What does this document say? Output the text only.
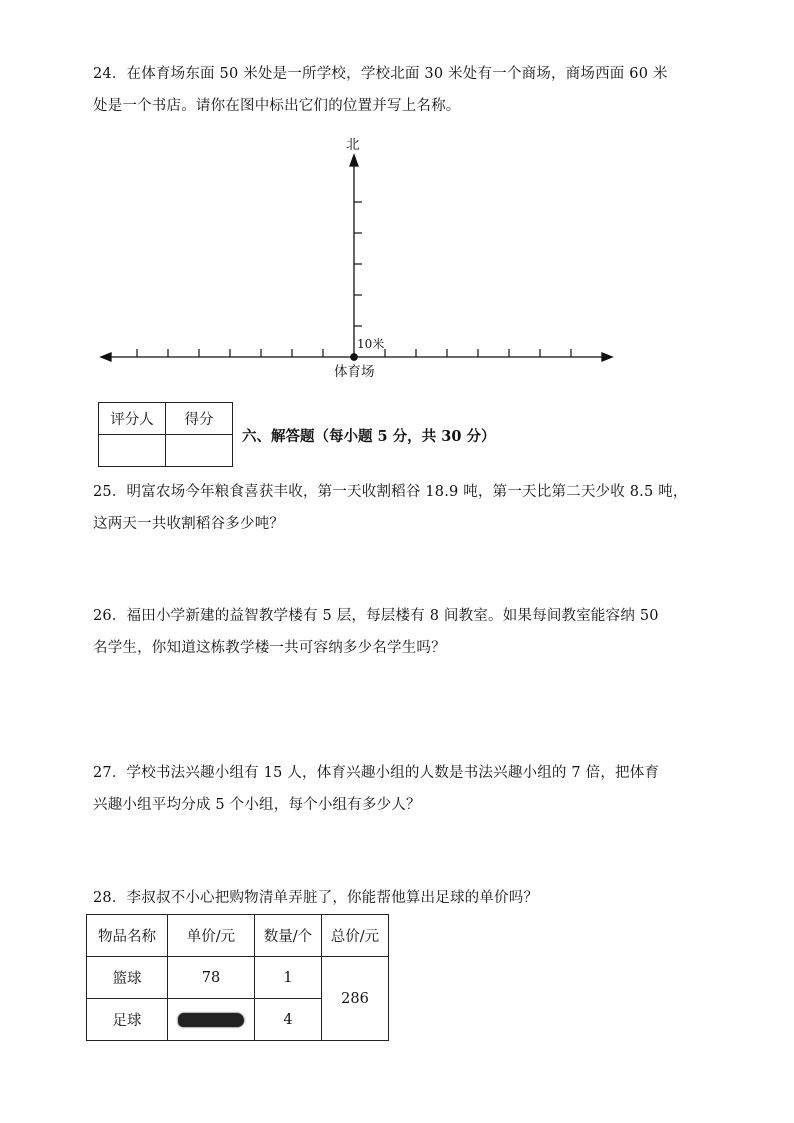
24．在体育场东面 50 米处是一所学校，学校北面 30 米处有一个商场，商场西面 60 米
处是一个书店。请你在图中标出它们的位置并写上名称。
北
10米
体育场
评分人	得分

六、解答题（每小题 5 分，共 30 分）
25．明富农场今年粮食喜获丰收，第一天收割稻谷 18.9 吨，第一天比第二天少收 8.5 吨，
这两天一共收割稻谷多少吨？
26．福田小学新建的益智教学楼有 5 层，每层楼有 8 间教室。如果每间教室能容纳 50
名学生，你知道这栋教学楼一共可容纳多少名学生吗？
27．学校书法兴趣小组有 15 人，体育兴趣小组的人数是书法兴趣小组的 7 倍，把体育
兴趣小组平均分成 5 个小组，每个小组有多少人？
28．李叔叔不小心把购物清单弄脏了，你能帮他算出足球的单价吗？
物品名称	单价/元	数量/个	总价/元
篮球	78	1	286
足球		4	
